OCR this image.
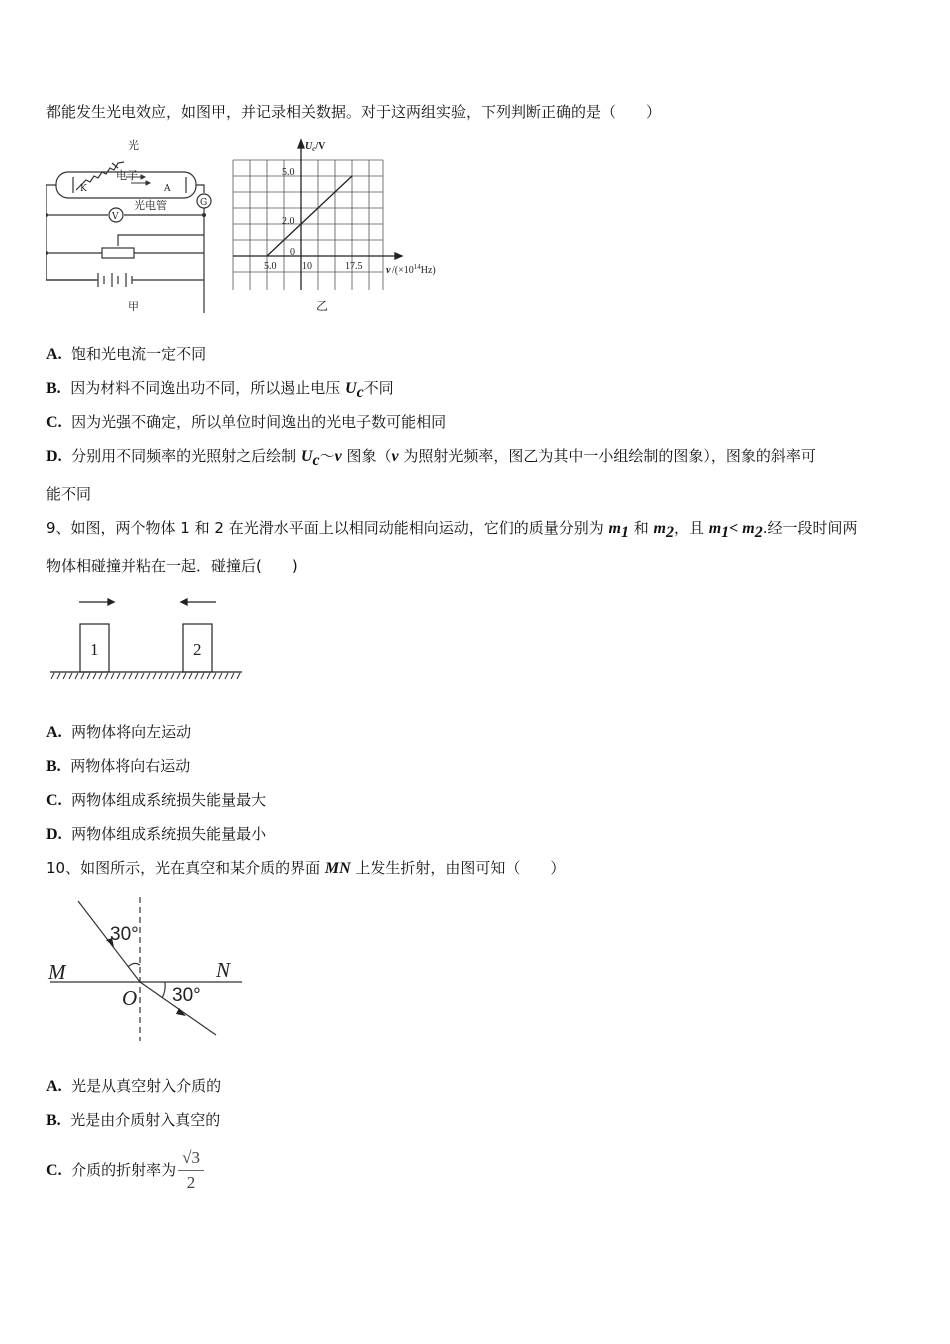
都能发生光电效应，如图甲，并记录相关数据。对于这两组实验，下列判断正确的是（　　）
光
电子
K	A
光电管	G
V
甲
$U_c/V$
5.0
2.0
0
5.0	10	17.5 ν $/(\times 10^{14}Hz)$
乙
A. 饱和光电流一定不同
B. 因为材料不同逸出功不同，所以遏止电压 $U_c$不同
C. 因为光强不确定，所以单位时间逸出的光电子数可能相同
D. 分别用不同频率的光照射之后绘制 $U_c\sim\nu$ 图象（ν 为照射光频率，图乙为其中一小组绘制的图象），图象的斜率可
能不同
9、如图，两个物体 1 和 2 在光滑水平面上以相同动能相向运动，它们的质量分别为 $m_1$ 和 $m_2$，且 $m_1< m_2$.经一段时间两
物体相碰撞并粘在一起．碰撞后(　　)
1	2
A. 两物体将向左运动
B. 两物体将向右运动
C. 两物体组成系统损失能量最大
D. 两物体组成系统损失能量最小
10、如图所示，光在真空和某介质的界面 MN 上发生折射，由图可知（　　）
M	N
O
30°
30°
A. 光是从真空射入介质的
B. 光是由介质射入真空的
C. 介质的折射率为 $\frac{√3}{2}$
